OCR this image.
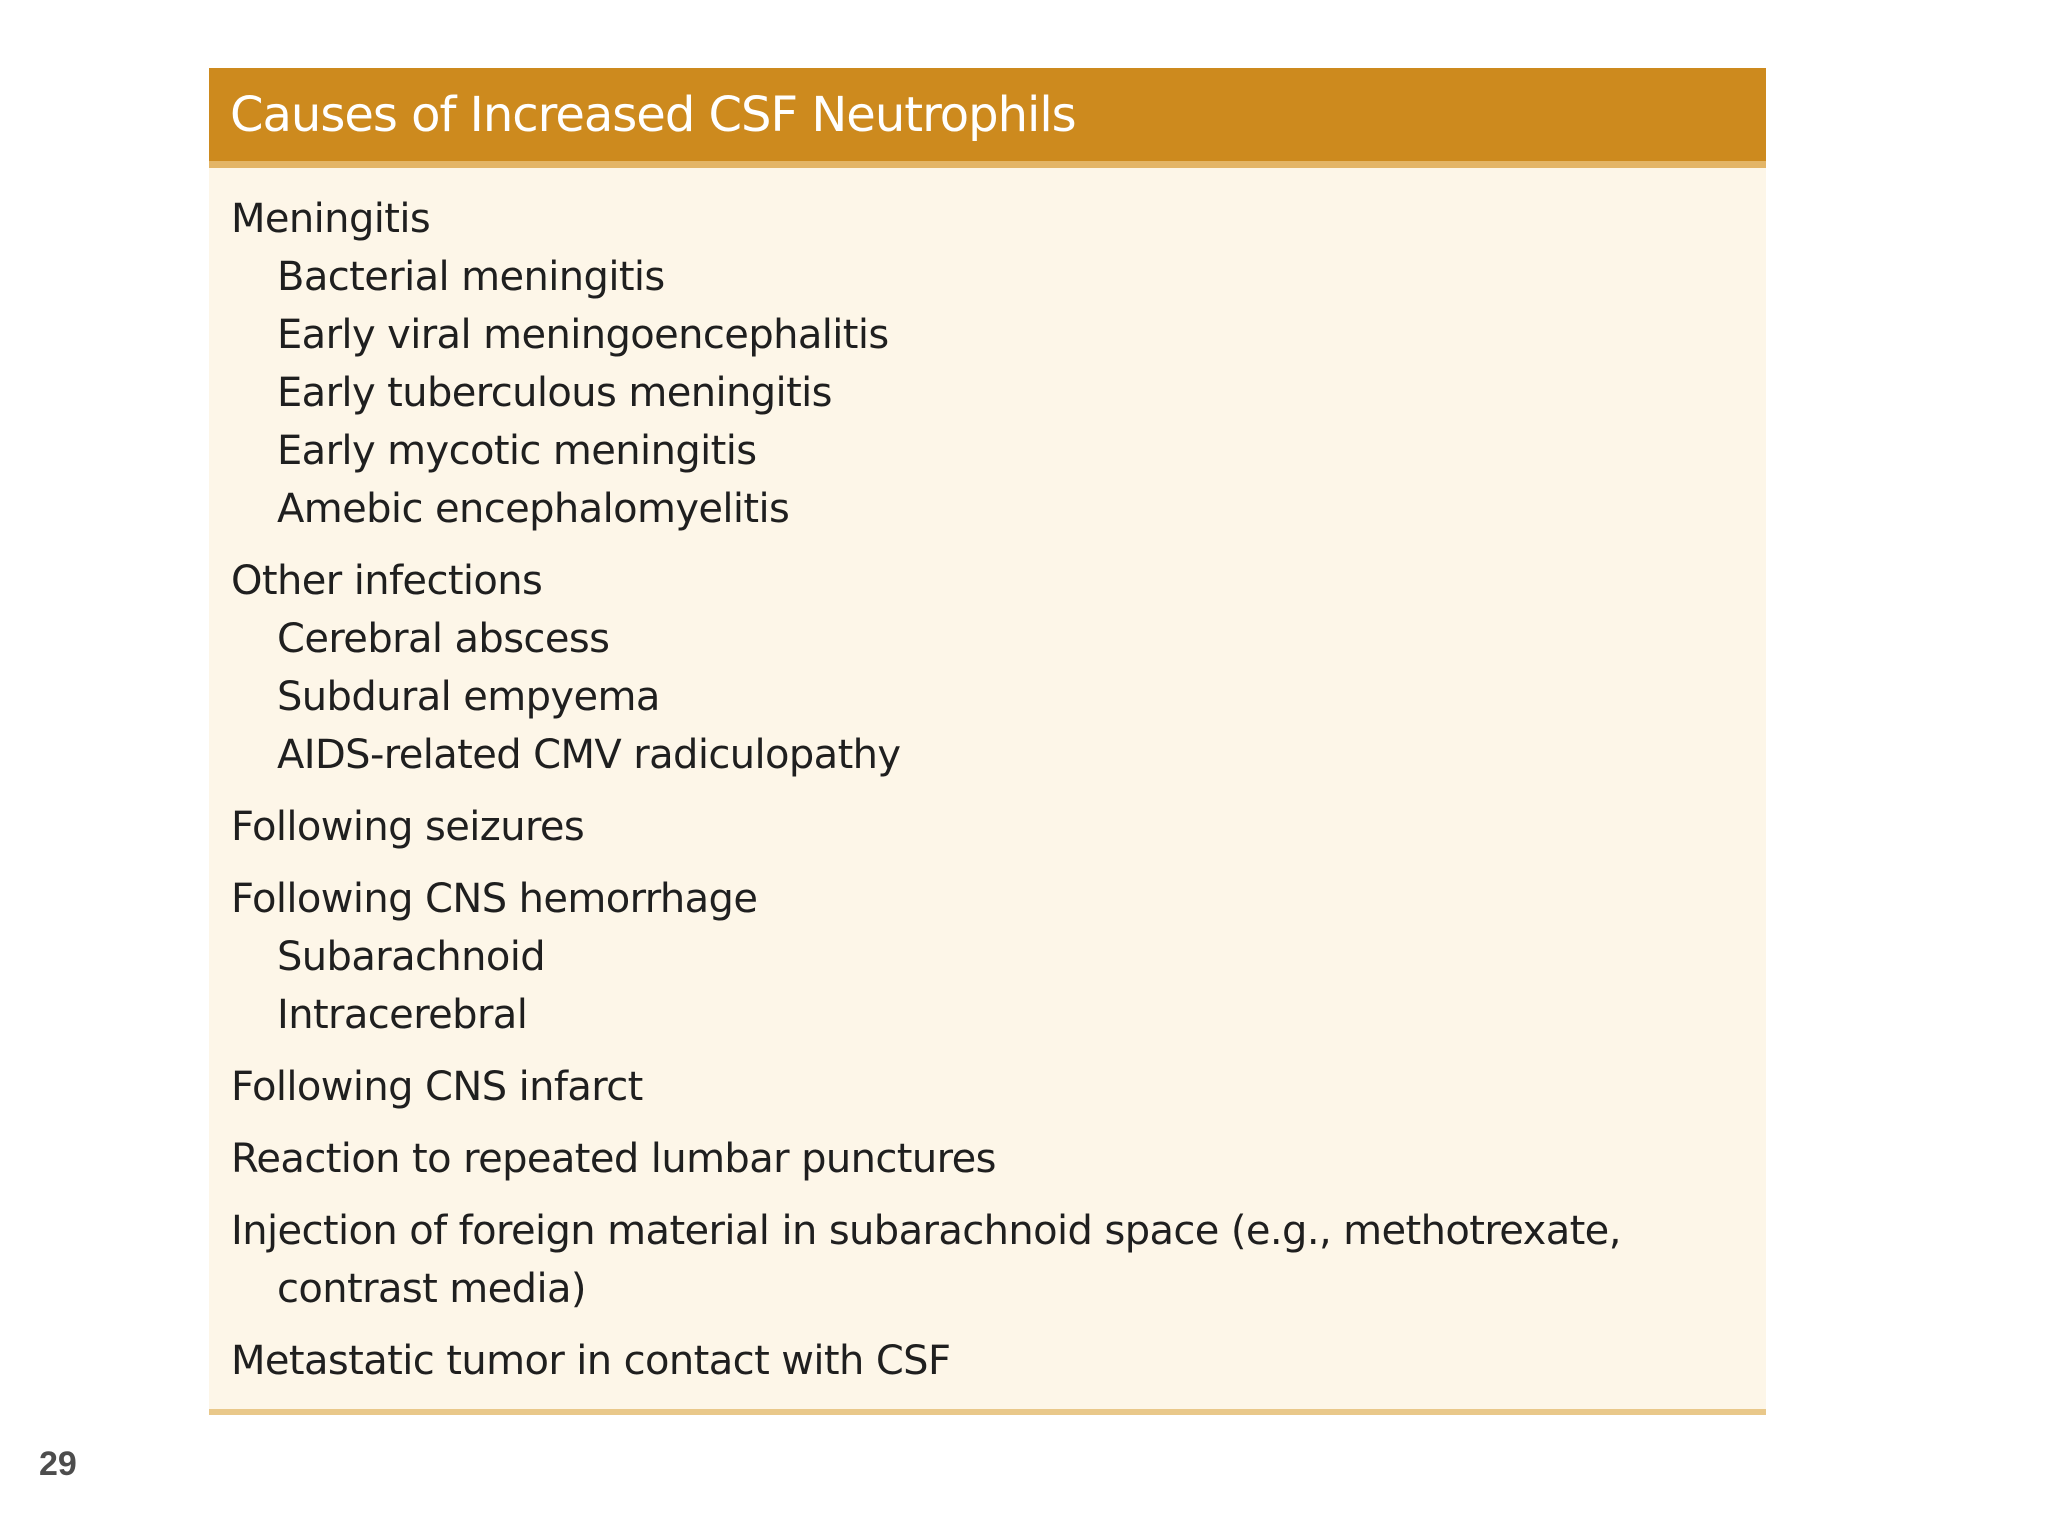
Causes of Increased CSF Neutrophils
Meningitis
Bacterial meningitis
Early viral meningoencephalitis
Early tuberculous meningitis
Early mycotic meningitis
Amebic encephalomyelitis
Other infections
Cerebral abscess
Subdural empyema
AIDS-related CMV radiculopathy
Following seizures
Following CNS hemorrhage
Subarachnoid
Intracerebral
Following CNS infarct
Reaction to repeated lumbar punctures
Injection of foreign material in subarachnoid space (e.g., methotrexate,
contrast media)
Metastatic tumor in contact with CSF
29
